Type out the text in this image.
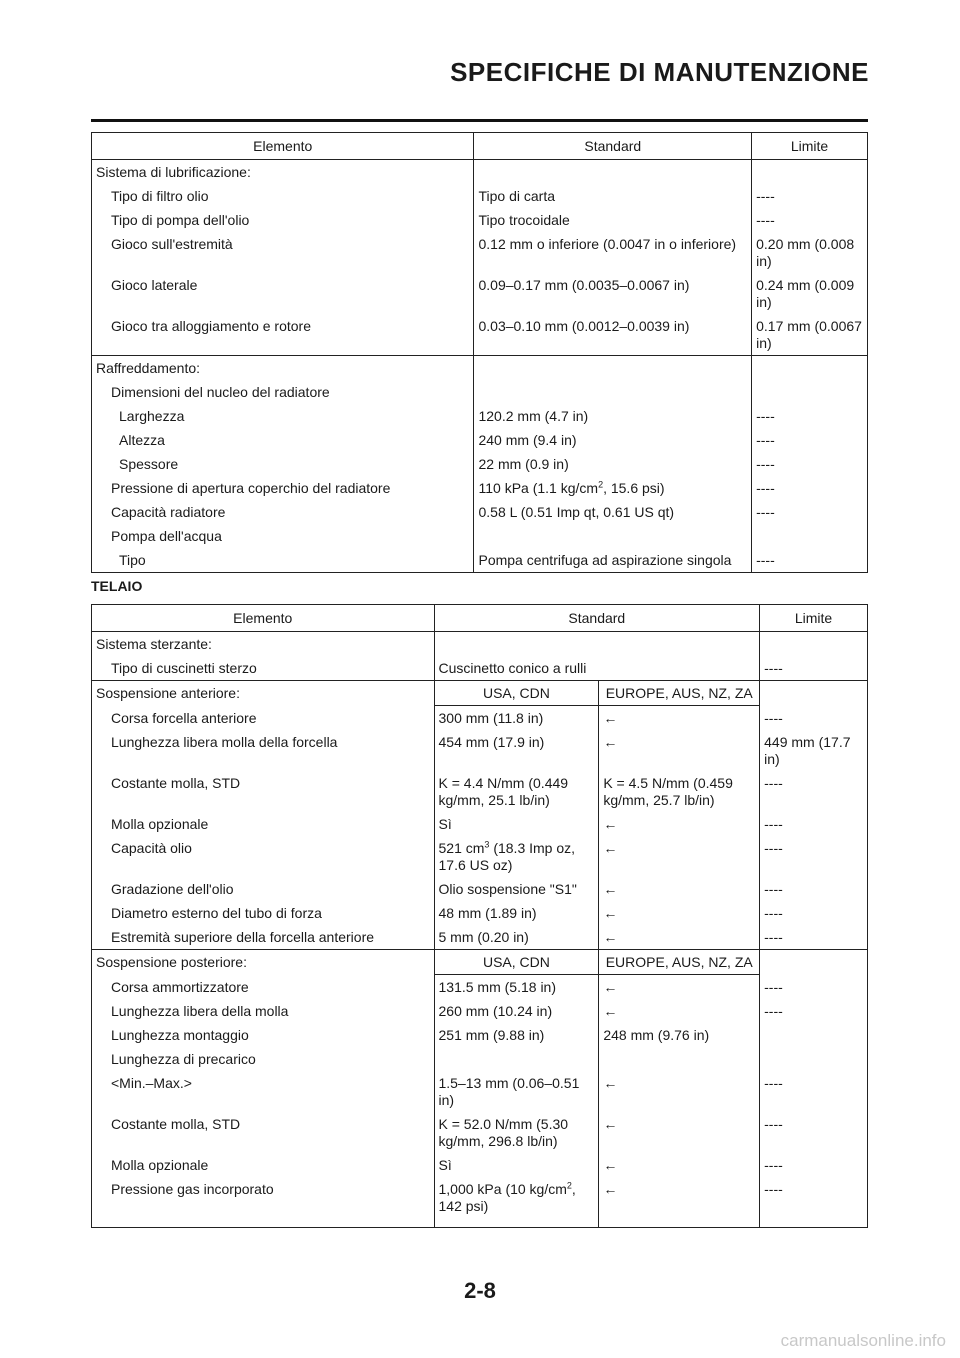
SPECIFICHE DI MANUTENZIONE
Elemento	Standard	Limite
Sistema di lubrificazione:		
Tipo di filtro olio	Tipo di carta	----
Tipo di pompa dell'olio	Tipo trocoidale	----
Gioco sull'estremità	0.12 mm o inferiore (0.0047 in o inferiore)	0.20 mm (0.008 in)
Gioco laterale	0.09–0.17 mm (0.0035–0.0067 in)	0.24 mm (0.009 in)
Gioco tra alloggiamento e rotore	0.03–0.10 mm (0.0012–0.0039 in)	0.17 mm (0.0067 in)
Raffreddamento:		
Dimensioni del nucleo del radiatore		
Larghezza	120.2 mm (4.7 in)	----
Altezza	240 mm (9.4 in)	----
Spessore	22 mm (0.9 in)	----
Pressione di apertura coperchio del radiatore	110 kPa (1.1 $kg/cm^2$, 15.6 psi)	----
Capacità radiatore	0.58 L (0.51 Imp qt, 0.61 US qt)	----
Pompa dell'acqua		
Tipo	Pompa centrifuga ad aspirazione singola	----
TELAIO
Elemento	Standard		Limite
Sistema sterzante:			
Tipo di cuscinetti sterzo	Cuscinetto conico a rulli		----
Sospensione anteriore:	USA, CDN	EUROPE, AUS, NZ, ZA	
Corsa forcella anteriore	300 mm (11.8 in)	←	----
Lunghezza libera molla della forcella	454 mm (17.9 in)	←	449 mm (17.7 in)
Costante molla, STD	K = 4.4 N/mm (0.449 kg/mm, 25.1 lb/in)	K = 4.5 N/mm (0.459 kg/mm, 25.7 lb/in)	----
Molla opzionale	Sì	←	----
Capacità olio	521 $cm^3$ (18.3 Imp oz, 17.6 US oz)	←	----
Gradazione dell'olio	Olio sospensione "S1"	←	----
Diametro esterno del tubo di forza	48 mm (1.89 in)	←	----
Estremità superiore della forcella anteriore	5 mm (0.20 in)	←	----
Sospensione posteriore:	USA, CDN	EUROPE, AUS, NZ, ZA	
Corsa ammortizzatore	131.5 mm (5.18 in)	←	----
Lunghezza libera della molla	260 mm (10.24 in)	←	----
Lunghezza montaggio	251 mm (9.88 in)	248 mm (9.76 in)	
Lunghezza di precarico			
<Min.–Max.>	1.5–13 mm (0.06–0.51 in)	←	----
Costante molla, STD	K = 52.0 N/mm (5.30 kg/mm, 296.8 lb/in)	←	----
Molla opzionale	Sì	←	----
Pressione gas incorporato	1,000 kPa (10 $kg/cm^2$, 142 psi)	←	----
2-8
carmanualsonline.info
